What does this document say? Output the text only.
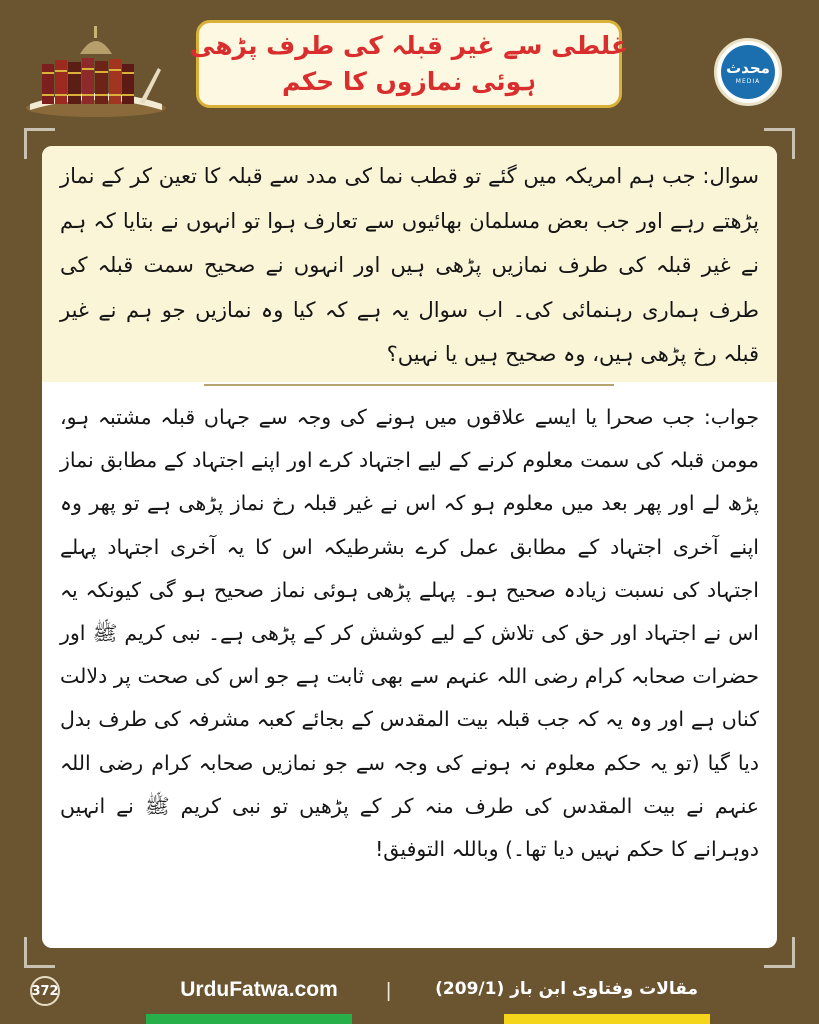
غلطی سے غیر قبلہ کی طرف پڑھی
ہوئی نمازوں کا حکم	محدث
MEDIA

سوال: جب ہم امریکہ میں گئے تو قطب نما کی مدد سے قبلہ کا تعین کر کے نماز پڑھتے رہے اور جب بعض مسلمان بھائیوں سے تعارف ہوا تو انہوں نے بتایا کہ ہم نے غیر قبلہ کی طرف نمازیں پڑھی ہیں اور انہوں نے صحیح سمت قبلہ کی طرف ہماری رہنمائی کی۔ اب سوال یہ ہے کہ کیا وہ نمازیں جو ہم نے غیر قبلہ رخ پڑھی ہیں، وہ صحیح ہیں یا نہیں؟

جواب: جب صحرا یا ایسے علاقوں میں ہونے کی وجہ سے جہاں قبلہ مشتبہ ہو، مومن قبلہ کی سمت معلوم کرنے کے لیے اجتہاد کرے اور اپنے اجتہاد کے مطابق نماز پڑھ لے اور پھر بعد میں معلوم ہو کہ اس نے غیر قبلہ رخ نماز پڑھی ہے تو پھر وہ اپنے آخری اجتہاد کے مطابق عمل کرے بشرطیکہ اس کا یہ آخری اجتہاد پہلے اجتہاد کی نسبت زیادہ صحیح ہو۔ پہلے پڑھی ہوئی نماز صحیح ہو گی کیونکہ یہ اس نے اجتہاد اور حق کی تلاش کے لیے کوشش کر کے پڑھی ہے۔ نبی کریم ﷺ اور حضرات صحابہ کرام رضی اللہ عنہم سے بھی ثابت ہے جو اس کی صحت پر دلالت کناں ہے اور وہ یہ کہ جب قبلہ بیت المقدس کے بجائے کعبہ مشرفہ کی طرف بدل دیا گیا (تو یہ حکم معلوم نہ ہونے کی وجہ سے جو نمازیں صحابہ کرام رضی اللہ عنہم نے بیت المقدس کی طرف منہ کر کے پڑھیں تو نبی کریم ﷺ نے انہیں دوہرانے کا حکم نہیں دیا تھا۔) وباللہ التوفیق!

372	UrduFatwa.com	|	مقالات وفتاوی ابن باز (209/1)
